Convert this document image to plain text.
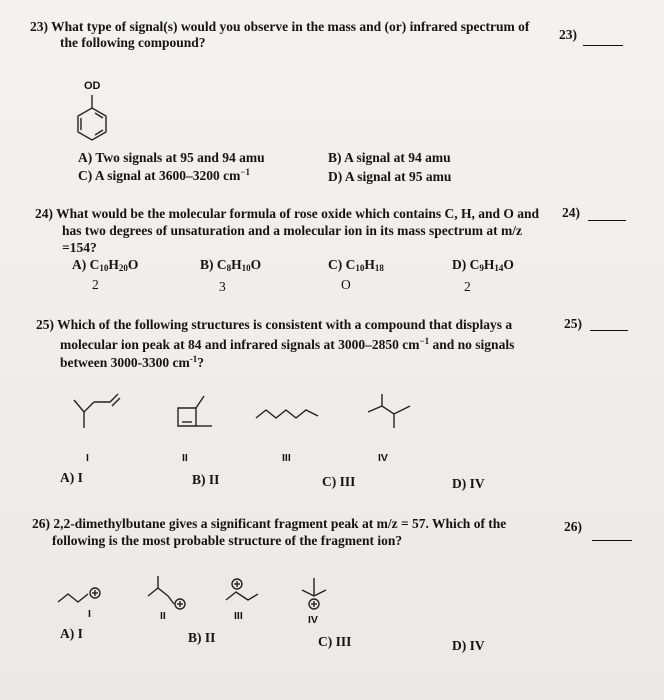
23) What type of signal(s) would you observe in the mass and (or) infrared spectrum of
the following compound?
23)
OD
A) Two signals at 95 and 94 amu	B) A signal at 94 amu
C) A signal at 3600–3200 $cm^{-1}$	D) A signal at 95 amu
24) What would be the molecular formula of rose oxide which contains C, H, and O and
has two degrees of unsaturation and a molecular ion in its mass spectrum at m/z
=154?
24)
A) $C_{10}H_{20}O$	B) $C_8H_{10}O$	C) $C_{10}H_{18}$	D) $C_9H_{14}O$
2	3	O	2
25) Which of the following structures is consistent with a compound that displays a
molecular ion peak at 84 and infrared signals at 3000–2850 $cm^{-1}$ and no signals
between 3000-3300 $cm^{-1}$?
25)
I	II	III	IV
A) I	B) II	C) III	D) IV
26) 2,2-dimethylbutane gives a significant fragment peak at m/z = 57. Which of the
following is the most probable structure of the fragment ion?
26)
I	II	III	IV
A) I	B) II	C) III	D) IV
